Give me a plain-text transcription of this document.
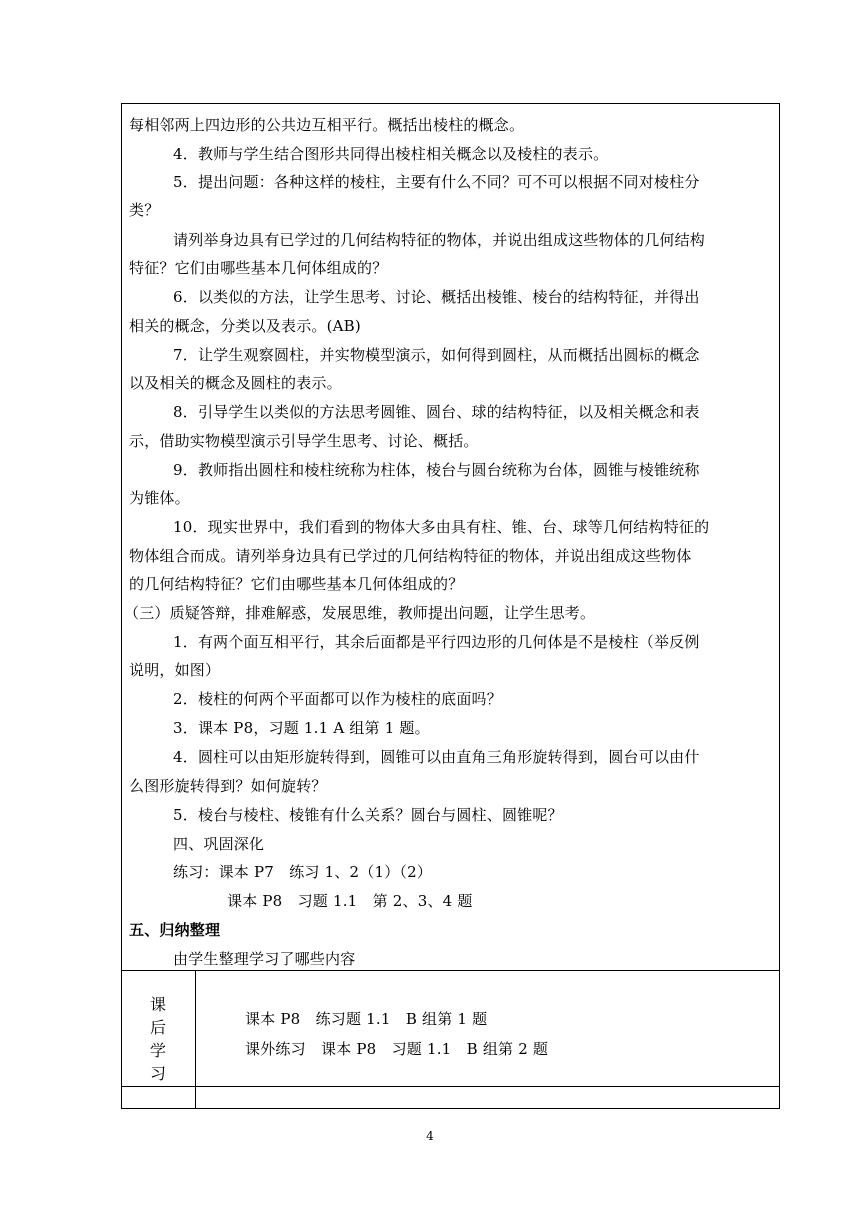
每相邻两上四边形的公共边互相平行。概括出棱柱的概念。
4．教师与学生结合图形共同得出棱柱相关概念以及棱柱的表示。
5．提出问题：各种这样的棱柱，主要有什么不同？可不可以根据不同对棱柱分
类？
请列举身边具有已学过的几何结构特征的物体，并说出组成这些物体的几何结构
特征？它们由哪些基本几何体组成的？
6．以类似的方法，让学生思考、讨论、概括出棱锥、棱台的结构特征，并得出
相关的概念，分类以及表示。(AB)
7．让学生观察圆柱，并实物模型演示，如何得到圆柱，从而概括出圆标的概念
以及相关的概念及圆柱的表示。
8．引导学生以类似的方法思考圆锥、圆台、球的结构特征，以及相关概念和表
示，借助实物模型演示引导学生思考、讨论、概括。
9．教师指出圆柱和棱柱统称为柱体，棱台与圆台统称为台体，圆锥与棱锥统称
为锥体。
10．现实世界中，我们看到的物体大多由具有柱、锥、台、球等几何结构特征的
物体组合而成。请列举身边具有已学过的几何结构特征的物体，并说出组成这些物体
的几何结构特征？它们由哪些基本几何体组成的？
（三）质疑答辩，排难解惑，发展思维，教师提出问题，让学生思考。
1．有两个面互相平行，其余后面都是平行四边形的几何体是不是棱柱（举反例
说明，如图）
2．棱柱的何两个平面都可以作为棱柱的底面吗？
3．课本 P8，习题 1.1 A 组第 1 题。
4．圆柱可以由矩形旋转得到，圆锥可以由直角三角形旋转得到，圆台可以由什
么图形旋转得到？如何旋转？
5．棱台与棱柱、棱锥有什么关系？圆台与圆柱、圆锥呢？
四、巩固深化
练习：课本 P7　练习 1、2（1）（2）
课本 P8　习题 1.1　第 2、3、4 题
五、归纳整理
由学生整理学习了哪些内容
课
后
学
习
课本 P8　练习题 1.1　B 组第 1 题
课外练习　课本 P8　习题 1.1　B 组第 2 题
4
